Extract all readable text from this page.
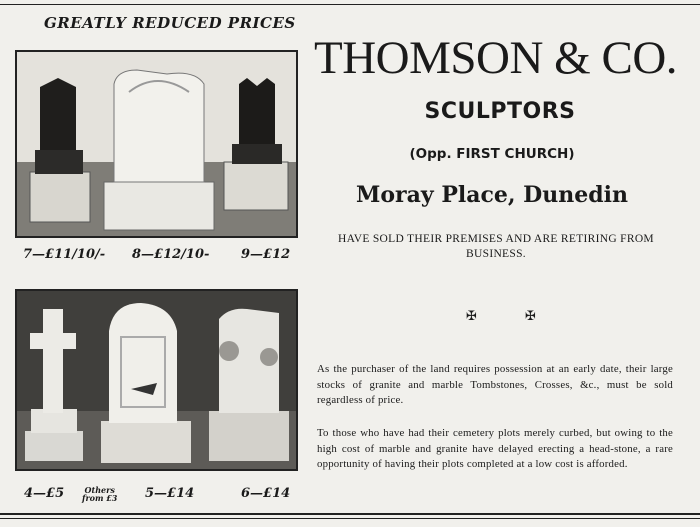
GREATLY REDUCED PRICES
7—£11/10/- 8—£12/10- 9—£12
4—£5	Others
from £3 5—£14	6—£14
THOMSON & CO.
SCULPTORS
(Opp. FIRST CHURCH)
Moray Place, Dunedin
HAVE SOLD THEIR PREMISES AND ARE RETIRING FROM BUSINESS.
✠ ✠
As the purchaser of the land requires possession at an early date, their large stocks of granite and marble Tombstones, Crosses, &c., must be sold regardless of price.
To those who have had their cemetery plots merely curbed, but owing to the high cost of marble and granite have delayed erecting a head-stone, a rare opportunity of having their plots completed at a low cost is afforded.
